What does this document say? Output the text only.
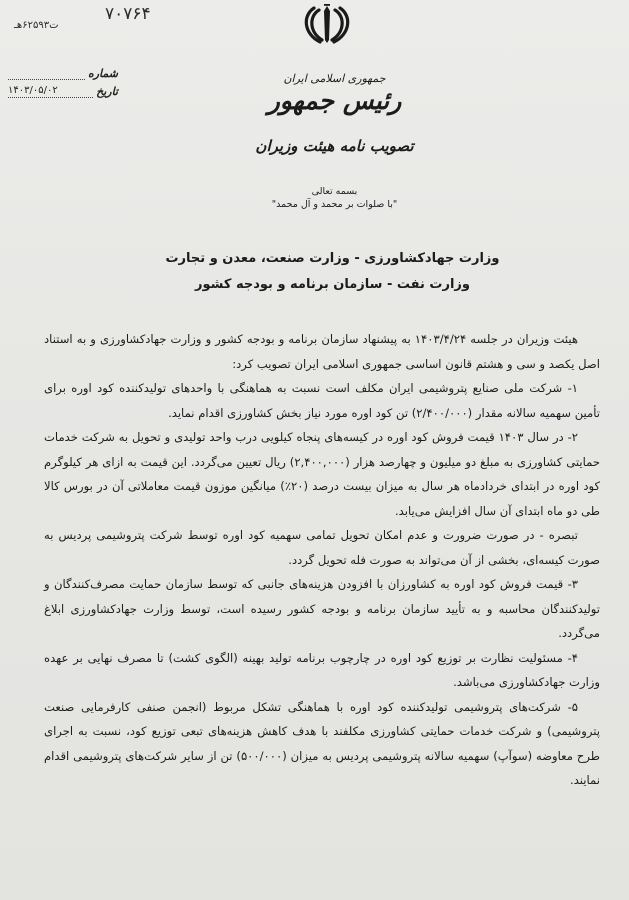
۷۰۷۶۴
ت۶۲۵۹۳هـ
شماره
تاریخ
۱۴۰۳/۰۵/۰۲
جمهوری اسلامی ایران
رئیس جمهور
تصویب نامه هیئت وزیران
بسمه تعالی
"با صلوات بر محمد و آل محمد"
وزارت جهادکشاورزی - وزارت صنعت، معدن و تجارت
وزارت نفت - سازمان برنامه و بودجه کشور

هیئت وزیران در جلسه ۱۴۰۳/۴/۲۴ به پیشنهاد سازمان برنامه و بودجه کشور و وزارت جهادکشاورزی و به استناد اصل یکصد و سی و هشتم قانون اساسی جمهوری اسلامی ایران تصویب کرد:

۱- شرکت ملی صنایع پتروشیمی ایران مکلف است نسبت به هماهنگی با واحدهای تولیدکننده کود اوره برای تأمین سهمیه سالانه مقدار (۲/۴۰۰/۰۰۰) تن کود اوره مورد نیاز بخش کشاورزی اقدام نماید.

۲- در سال ۱۴۰۳ قیمت فروش کود اوره در کیسه‌های پنجاه کیلویی درب واحد تولیدی و تحویل به شرکت خدمات حمایتی کشاورزی به مبلغ دو میلیون و چهارصد هزار (۲,۴۰۰,۰۰۰) ریال تعیین می‌گردد. این قیمت به ازای هر کیلوگرم کود اوره در ابتدای خردادماه هر سال به میزان بیست درصد (۲۰٪) میانگین موزون قیمت معاملاتی آن در بورس کالا طی دو ماه ابتدای آن سال افزایش می‌یابد.

تبصره - در صورت ضرورت و عدم امکان تحویل تمامی سهمیه کود اوره توسط شرکت پتروشیمی پردیس به صورت کیسه‌ای، بخشی از آن می‌تواند به صورت فله تحویل گردد.

۳- قیمت فروش کود اوره به کشاورزان با افزودن هزینه‌های جانبی که توسط سازمان حمایت مصرف‌کنندگان و تولیدکنندگان محاسبه و به تأیید سازمان برنامه و بودجه کشور رسیده است، توسط وزارت جهادکشاورزی ابلاغ می‌گردد.

۴- مسئولیت نظارت بر توزیع کود اوره در چارچوب برنامه تولید بهینه (الگوی کشت) تا مصرف نهایی بر عهده وزارت جهادکشاورزی می‌باشد.

۵- شرکت‌های پتروشیمی تولیدکننده کود اوره با هماهنگی تشکل مربوط (انجمن صنفی کارفرمایی صنعت پتروشیمی) و شرکت خدمات حمایتی کشاورزی مکلفند با هدف کاهش هزینه‌های تبعی توزیع کود، نسبت به اجرای طرح معاوضه (سوآپ) سهمیه سالانه پتروشیمی پردیس به میزان (۵۰۰/۰۰۰) تن از سایر شرکت‌های پتروشیمی اقدام نمایند.
